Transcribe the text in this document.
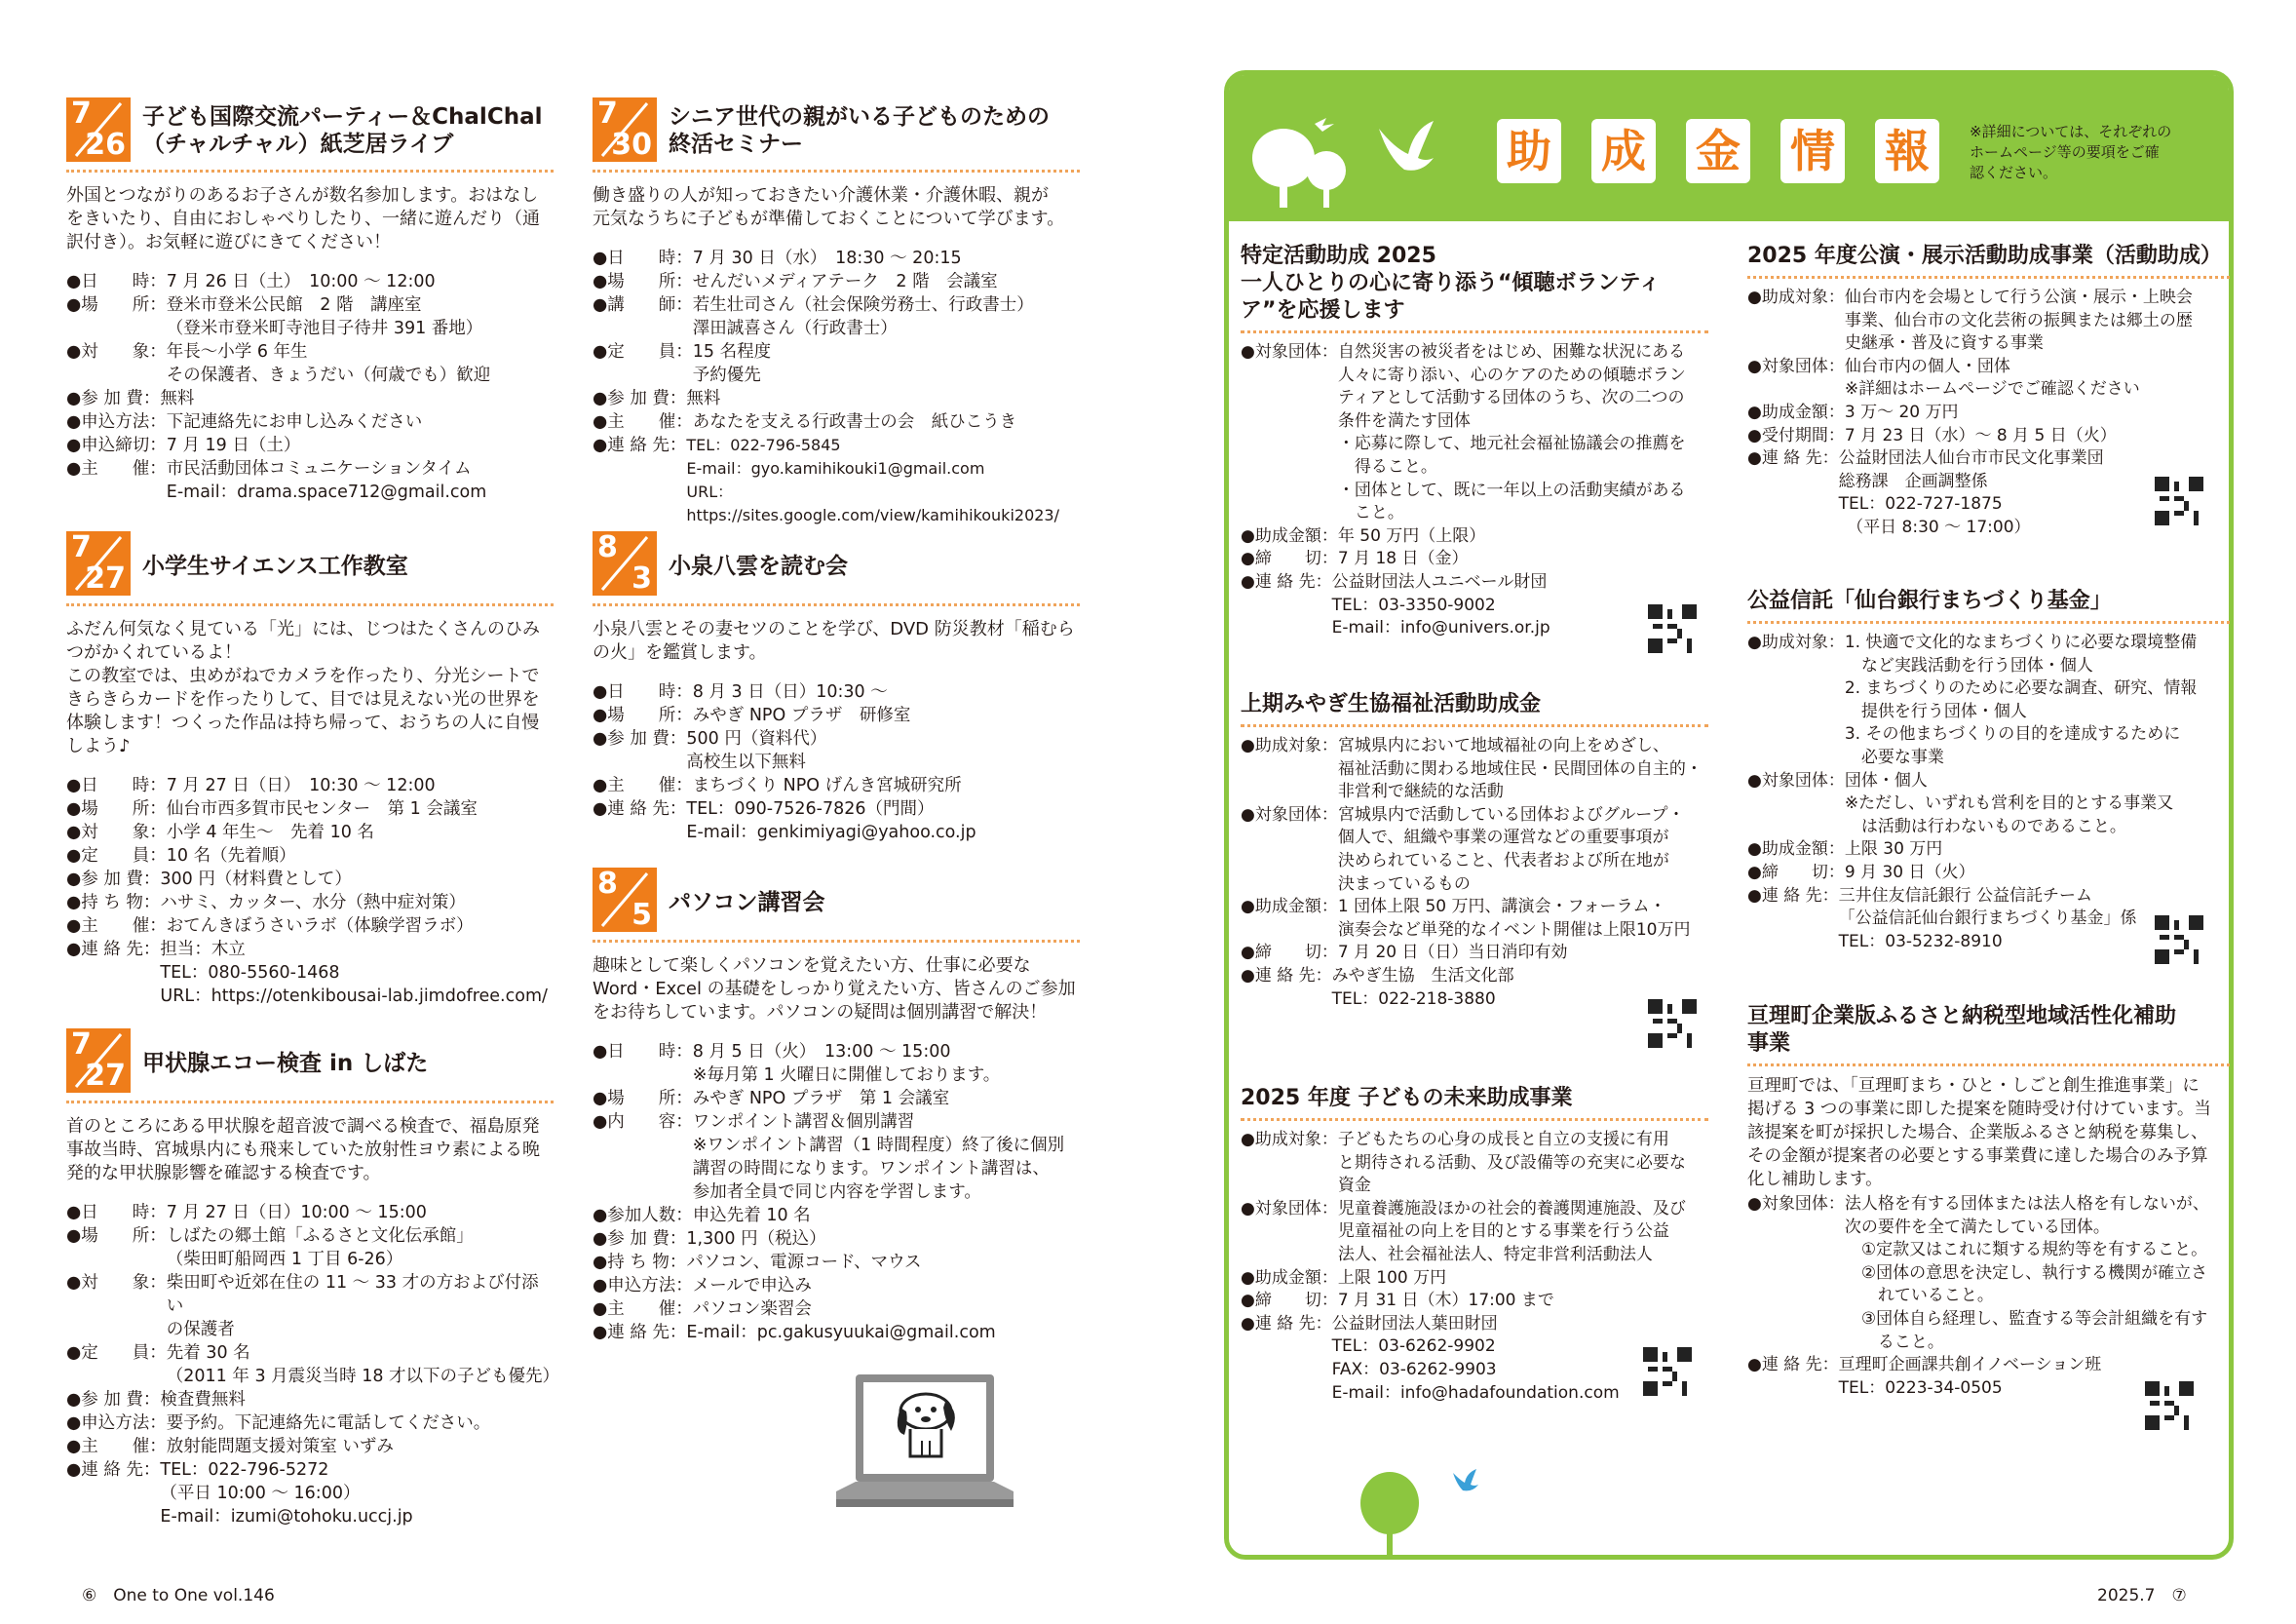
7
26
子ども国際交流パーティー＆ChalChal
（チャルチャル）紙芝居ライブ
外国とつながりのあるお子さんが数名参加します。おはなし
をきいたり、自由におしゃべりしたり、一緒に遊んだり（通
訳付き）。お気軽に遊びにきてください！
●日　　時： 7 月 26 日（土）　10:00 ～ 12:00
●場　　所： 登米市登米公民館　2 階　講座室
（登米市登米町寺池目子待井 391 番地）
●対　　象： 年長～小学 6 年生
その保護者、きょうだい（何歳でも）歓迎
●参 加 費： 無料
●申込方法： 下記連絡先にお申し込みください
●申込締切： 7 月 19 日（土）
●主　　催： 市民活動団体コミュニケーションタイム
E-mail：drama.space712@gmail.com
7
27 小学生サイエンス工作教室
ふだん何気なく見ている「光」には、じつはたくさんのひみ
つがかくれているよ！
この教室では、虫めがねでカメラを作ったり、分光シートで
きらきらカードを作ったりして、目では見えない光の世界を
体験します！つくった作品は持ち帰って、おうちの人に自慢
しよう♪
●日　　時： 7 月 27 日（日）　10:30 ～ 12:00
●場　　所： 仙台市西多賀市民センター　第 1 会議室
●対　　象： 小学 4 年生～　先着 10 名
●定　　員： 10 名（先着順）
●参 加 費： 300 円（材料費として）
●持 ち 物： ハサミ、カッター、水分（熱中症対策）
●主　　催： おてんきぼうさいラボ（体験学習ラボ）
●連 絡 先： 担当：木立
TEL：080-5560-1468
URL：https://otenkibousai-lab.jimdofree.com/
7
27 甲状腺エコー検査 in しばた
首のところにある甲状腺を超音波で調べる検査で、福島原発
事故当時、宮城県内にも飛来していた放射性ヨウ素による晩
発的な甲状腺影響を確認する検査です。
●日　　時： 7 月 27 日（日）10:00 ～ 15:00
●場　　所： しばたの郷土館「ふるさと文化伝承館」
（柴田町船岡西 1 丁目 6-26）
●対　　象： 柴田町や近郊在住の 11 ～ 33 才の方および付添い
の保護者
●定　　員： 先着 30 名
（2011 年 3 月震災当時 18 才以下の子ども優先）
●参 加 費： 検査費無料
●申込方法： 要予約。下記連絡先に電話してください。
●主　　催： 放射能問題支援対策室 いずみ
●連 絡 先： TEL：022-796-5272
（平日 10:00 ～ 16:00）
E-mail：izumi@tohoku.uccj.jp
7
30
シニア世代の親がいる子どものための
終活セミナー
働き盛りの人が知っておきたい介護休業・介護休暇、親が
元気なうちに子どもが準備しておくことについて学びます。
●日　　時： 7 月 30 日（水）　18:30 ～ 20:15
●場　　所： せんだいメディアテーク　2 階　会議室
●講　　師： 若生壮司さん（社会保険労務士、行政書士）
澤田誠喜さん（行政書士）
●定　　員： 15 名程度
予約優先
●参 加 費： 無料
●主　　催： あなたを支える行政書士の会　紙ひこうき
●連 絡 先： TEL：022-796-5845
E-mail：gyo.kamihikouki1@gmail.com
URL：https://sites.google.com/view/kamihikouki2023/
8
3 小泉八雲を読む会
小泉八雲とその妻セツのことを学び、DVD 防災教材「稲むら
の火」を鑑賞します。
●日　　時： 8 月 3 日（日）10:30 ～
●場　　所： みやぎ NPO プラザ　研修室
●参 加 費： 500 円（資料代）
高校生以下無料
●主　　催： まちづくり NPO げんき宮城研究所
●連 絡 先： TEL：090-7526-7826（門間）
E-mail：genkimiyagi@yahoo.co.jp
8
5 パソコン講習会
趣味として楽しくパソコンを覚えたい方、仕事に必要な
Word・Excel の基礎をしっかり覚えたい方、皆さんのご参加
をお待ちしています。パソコンの疑問は個別講習で解決！
●日　　時： 8 月 5 日（火）　13:00 ～ 15:00
※毎月第 1 火曜日に開催しております。
●場　　所： みやぎ NPO プラザ　第 1 会議室
●内　　容： ワンポイント講習＆個別講習
※ワンポイント講習（1 時間程度）終了後に個別
講習の時間になります。ワンポイント講習は、
参加者全員で同じ内容を学習します。
●参加人数： 申込先着 10 名
●参 加 費： 1,300 円（税込）
●持 ち 物： パソコン、電源コード、マウス
●申込方法： メールで申込み
●主　　催： パソコン楽習会
●連 絡 先： E-mail：pc.gakusyuukai@gmail.com
助 成 金 情 報	※詳細については、それぞれの
ホームページ等の要項をご確
認ください。
特定活動助成 2025
一人ひとりの心に寄り添う“傾聴ボランティ
ア”を応援します
●対象団体： 自然災害の被災者をはじめ、困難な状況にある
人々に寄り添い、心のケアのための傾聴ボラン
ティアとして活動する団体のうち、次の二つの
条件を満たす団体
・応募に際して、地元社会福祉協議会の推薦を
　得ること。
・団体として、既に一年以上の活動実績がある
　こと。
●助成金額： 年 50 万円（上限）
●締　　切： 7 月 18 日（金）
●連 絡 先： 公益財団法人ユニベール財団
TEL：03-3350-9002
E-mail：info@univers.or.jp
上期みやぎ生協福祉活動助成金
●助成対象： 宮城県内において地域福祉の向上をめざし、
福祉活動に関わる地域住民・民間団体の自主的・
非営利で継続的な活動
●対象団体： 宮城県内で活動している団体およびグループ・
個人で、組織や事業の運営などの重要事項が
決められていること、代表者および所在地が
決まっているもの
●助成金額： 1 団体上限 50 万円、講演会・フォーラム・
演奏会など単発的なイベント開催は上限10万円
●締　　切： 7 月 20 日（日）当日消印有効
●連 絡 先： みやぎ生協　生活文化部
TEL：022-218-3880
2025 年度 子どもの未来助成事業
●助成対象： 子どもたちの心身の成長と自立の支援に有用
と期待される活動、及び設備等の充実に必要な
資金
●対象団体： 児童養護施設ほかの社会的養護関連施設、及び
児童福祉の向上を目的とする事業を行う公益
法人、社会福祉法人、特定非営利活動法人
●助成金額： 上限 100 万円
●締　　切： 7 月 31 日（木）17:00 まで
●連 絡 先： 公益財団法人葉田財団
TEL：03-6262-9902
FAX：03-6262-9903
E-mail：info@hadafoundation.com
2025 年度公演・展示活動助成事業（活動助成）
●助成対象： 仙台市内を会場として行う公演・展示・上映会
事業、仙台市の文化芸術の振興または郷土の歴
史継承・普及に資する事業
●対象団体： 仙台市内の個人・団体
※詳細はホームページでご確認ください
●助成金額： 3 万～ 20 万円
●受付期間： 7 月 23 日（水）～ 8 月 5 日（火）
●連 絡 先： 公益財団法人仙台市市民文化事業団
総務課　企画調整係
TEL：022-727-1875
　（平日 8:30 ～ 17:00）
公益信託「仙台銀行まちづくり基金」
●助成対象： 1. 快適で文化的なまちづくりに必要な環境整備
　など実践活動を行う団体・個人
2. まちづくりのために必要な調査、研究、情報
　提供を行う団体・個人
3. その他まちづくりの目的を達成するために
　必要な事業
●対象団体： 団体・個人
※ただし、いずれも営利を目的とする事業又
　は活動は行わないものであること。
●助成金額： 上限 30 万円
●締　　切： 9 月 30 日（火）
●連 絡 先： 三井住友信託銀行 公益信託チーム
「公益信託仙台銀行まちづくり基金」係
TEL：03-5232-8910
亘理町企業版ふるさと納税型地域活性化補助
事業
亘理町では、「亘理町まち・ひと・しごと創生推進事業」に
掲げる 3 つの事業に即した提案を随時受け付けています。当
該提案を町が採択した場合、企業版ふるさと納税を募集し、
その金額が提案者の必要とする事業費に達した場合のみ予算
化し補助します。
●対象団体： 法人格を有する団体または法人格を有しないが、
次の要件を全て満たしている団体。
　①定款又はこれに類する規約等を有すること。
　②団体の意思を決定し、執行する機関が確立さ
　　れていること。
　③団体自ら経理し、監査する等会計組織を有す
　　ること。
●連 絡 先： 亘理町企画課共創イノベーション班
TEL：0223-34-0505
⑥　One to One vol.146	2025.7　⑦
